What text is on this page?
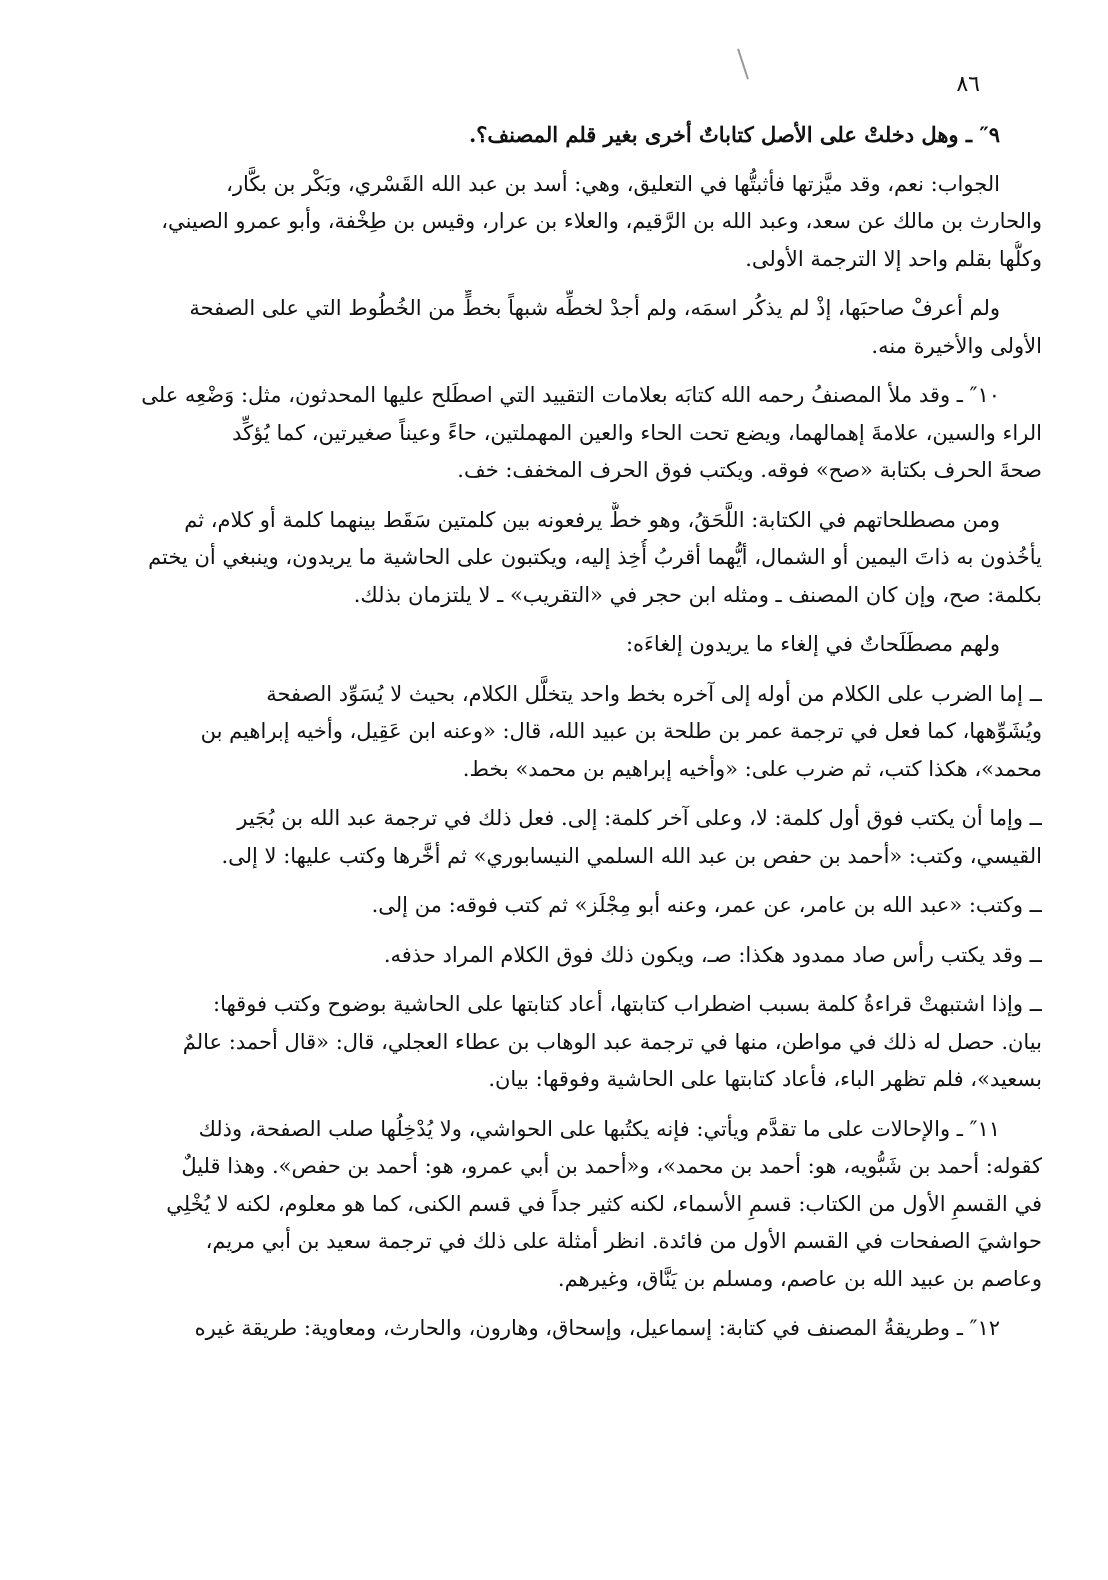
٨٦
٩″ ـ وهل دخلتْ على الأصل كتاباتٌ أخرى بغير قلم المصنف؟.
الجواب: نعم، وقد ميَّزتها فأثبتُّها في التعليق، وهي: أسد بن عبد الله القَسْري، وبَكْر بن بكَّار،
والحارث بن مالك عن سعد، وعبد الله بن الرَّقيم، والعلاء بن عرار، وقيس بن طِخْفة، وأبو عمرو الصيني،
وكلُّها بقلم واحد إلا الترجمة الأولى.
ولم أعرفْ صاحبَها، إذْ لم يذكُر اسمَه، ولم أجدْ لخطِّه شبهاً بخطٍّ من الخُطُوط التي على الصفحة
الأولى والأخيرة منه.
١٠″ ـ وقد ملأ المصنفُ رحمه الله كتابَه بعلامات التقييد التي اصطَلح عليها المحدثون، مثل: وَضْعِه على
الراء والسين، علامةَ إهمالهما، ويضع تحت الحاء والعين المهملتين، حاءً وعيناً صغيرتين، كما يُؤكِّد
صحةَ الحرف بكتابة «صح» فوقه. ويكتب فوق الحرف المخفف: خف.
ومن مصطلحاتهم في الكتابة: اللَّحَقُ، وهو خطٌّ يرفعونه بين كلمتين سَقَط بينهما كلمة أو كلام، ثم
يأخُذون به ذاتَ اليمين أو الشمال، أيُّهما أقربُ أُخِذ إليه، ويكتبون على الحاشية ما يريدون، وينبغي أن يختم
بكلمة: صح، وإن كان المصنف ـ ومثله ابن حجر في «التقريب» ـ لا يلتزمان بذلك.
ولهم مصطَلَحاتٌ في إلغاء ما يريدون إلغاءَه:
ــ إما الضرب على الكلام من أوله إلى آخره بخط واحد يتخلَّل الكلام، بحيث لا يُسَوِّد الصفحة
ويُشَوِّهها، كما فعل في ترجمة عمر بن طلحة بن عبيد الله، قال: «وعنه ابن عَقِيل، وأخيه إبراهيم بن
محمد»، هكذا كتب، ثم ضرب على: «وأخيه إبراهيم بن محمد» بخط.
ــ وإما أن يكتب فوق أول كلمة: لا، وعلى آخر كلمة: إلى. فعل ذلك في ترجمة عبد الله بن بُجَير
القيسي، وكتب: «أحمد بن حفص بن عبد الله السلمي النيسابوري» ثم أخَّرها وكتب عليها: لا إلى.
ــ وكتب: «عبد الله بن عامر، عن عمر، وعنه أبو مِجْلَز» ثم كتب فوقه: من إلى.
ــ وقد يكتب رأس صاد ممدود هكذا: صـ، ويكون ذلك فوق الكلام المراد حذفه.
ــ وإذا اشتبهتْ قراءةُ كلمة بسبب اضطراب كتابتها، أعاد كتابتها على الحاشية بوضوح وكتب فوقها:
بيان. حصل له ذلك في مواطن، منها في ترجمة عبد الوهاب بن عطاء العجلي، قال: «قال أحمد: عالمٌ
بسعيد»، فلم تظهر الباء، فأعاد كتابتها على الحاشية وفوقها: بيان.
١١″ ـ والإحالات على ما تقدَّم ويأتي: فإنه يكتُبها على الحواشي، ولا يُدْخِلُها صلب الصفحة، وذلك
كقوله: أحمد بن شَبُّويه، هو: أحمد بن محمد»، و«أحمد بن أبي عمرو، هو: أحمد بن حفص». وهذا قليلٌ
في القسمِ الأول من الكتاب: قسمِ الأسماء، لكنه كثير جداً في قسم الكنى، كما هو معلوم، لكنه لا يُخْلِي
حواشيَ الصفحات في القسم الأول من فائدة. انظر أمثلة على ذلك في ترجمة سعيد بن أبي مريم،
وعاصم بن عبيد الله بن عاصم، ومسلم بن يَنَّاق، وغيرهم.
١٢″ ـ وطريقةُ المصنف في كتابة: إسماعيل، وإسحاق، وهارون، والحارث، ومعاوية: طريقة غيره
